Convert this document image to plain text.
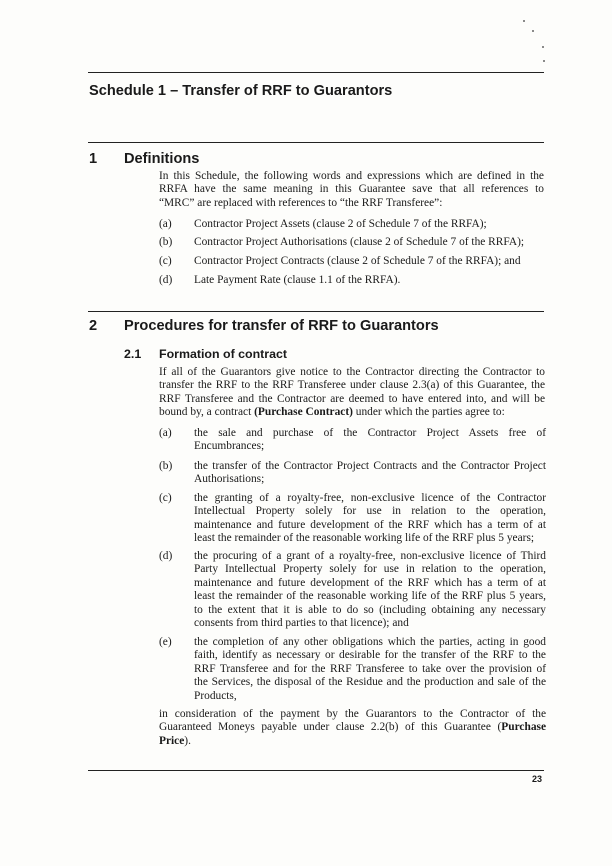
Schedule 1 – Transfer of RRF to Guarantors
1 Definitions
In this Schedule, the following words and expressions which are defined in the
RRFA have the same meaning in this Guarantee save that all references to
“MRC” are replaced with references to “the RRF Transferee”:
(a) Contractor Project Assets (clause 2 of Schedule 7 of the RRFA);
(b) Contractor Project Authorisations (clause 2 of Schedule 7 of the RRFA);
(c) Contractor Project Contracts (clause 2 of Schedule 7 of the RRFA); and
(d) Late Payment Rate (clause 1.1 of the RRFA).
2 Procedures for transfer of RRF to Guarantors
2.1 Formation of contract
If all of the Guarantors give notice to the Contractor directing the Contractor to
transfer the RRF to the RRF Transferee under clause 2.3(a) of this Guarantee, the
RRF Transferee and the Contractor are deemed to have entered into, and will be
bound by, a contract (Purchase Contract) under which the parties agree to:
(a) the sale and purchase of the Contractor Project Assets free of
Encumbrances;
(b) the transfer of the Contractor Project Contracts and the Contractor Project
Authorisations;
(c) the granting of a royalty-free, non-exclusive licence of the Contractor
Intellectual Property solely for use in relation to the operation,
maintenance and future development of the RRF which has a term of at
least the remainder of the reasonable working life of the RRF plus 5 years;
(d) the procuring of a grant of a royalty-free, non-exclusive licence of Third
Party Intellectual Property solely for use in relation to the operation,
maintenance and future development of the RRF which has a term of at
least the remainder of the reasonable working life of the RRF plus 5 years,
to the extent that it is able to do so (including obtaining any necessary
consents from third parties to that licence); and
(e) the completion of any other obligations which the parties, acting in good
faith, identify as necessary or desirable for the transfer of the RRF to the
RRF Transferee and for the RRF Transferee to take over the provision of
the Services, the disposal of the Residue and the production and sale of the
Products,
in consideration of the payment by the Guarantors to the Contractor of the
Guaranteed Moneys payable under clause 2.2(b) of this Guarantee (Purchase
Price).
23
